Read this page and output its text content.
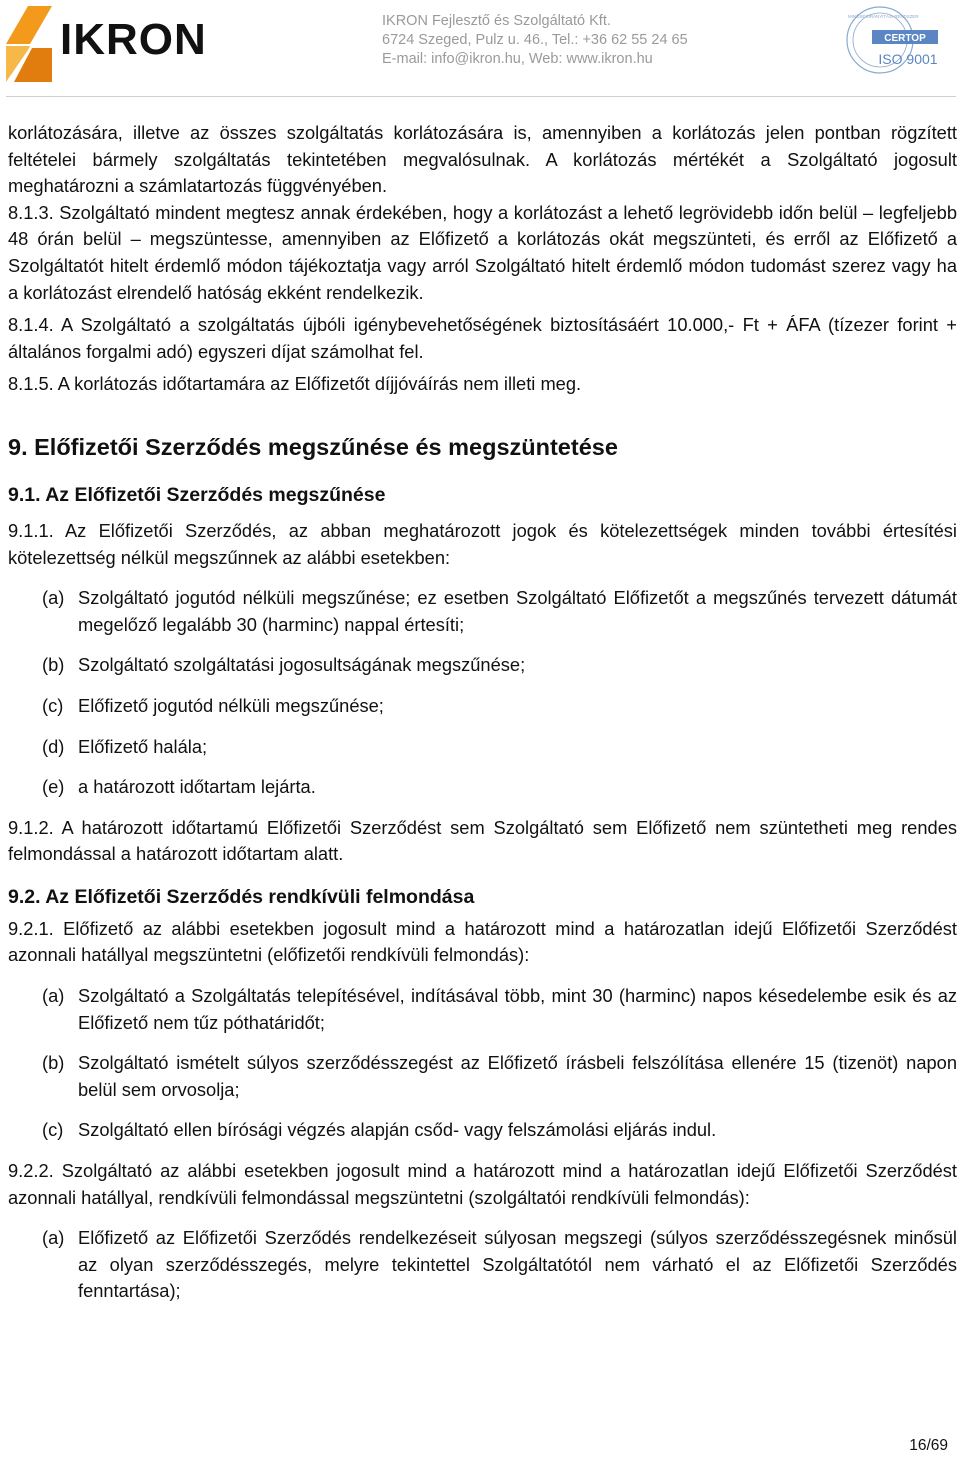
IKRON	IKRON Fejlesztő és Szolgáltató Kft.
6724 Szeged, Pulz u. 46., Tel.: +36 62 55 24 65
E-mail: info@ikron.hu, Web: www.ikron.hu
CERTOP
ISO 9001
MINŐSÉGIRÁNYÍTÁSI RENDSZER

korlátozására, illetve az összes szolgáltatás korlátozására is, amennyiben a korlátozás jelen pontban rögzített feltételei bármely szolgáltatás tekintetében megvalósulnak. A korlátozás mértékét a Szolgáltató jogosult meghatározni a számlatartozás függvényében.

8.1.3. Szolgáltató mindent megtesz annak érdekében, hogy a korlátozást a lehető legrövidebb időn belül – legfeljebb 48 órán belül – megszüntesse, amennyiben az Előfizető a korlátozás okát megszünteti, és erről az Előfizető a Szolgáltatót hitelt érdemlő módon tájékoztatja vagy arról Szolgáltató hitelt érdemlő módon tudomást szerez vagy ha a korlátozást elrendelő hatóság ekként rendelkezik.

8.1.4. A Szolgáltató a szolgáltatás újbóli igénybevehetőségének biztosításáért 10.000,- Ft + ÁFA (tízezer forint + általános forgalmi adó) egyszeri díjat számolhat fel.

8.1.5. A korlátozás időtartamára az Előfizetőt díjjóváírás nem illeti meg.

9. Előfizetői Szerződés megszűnése és megszüntetése
9.1. Az Előfizetői Szerződés megszűnése

9.1.1. Az Előfizetői Szerződés, az abban meghatározott jogok és kötelezettségek minden további értesítési kötelezettség nélkül megszűnnek az alábbi esetekben:

(a) Szolgáltató jogutód nélküli megszűnése; ez esetben Szolgáltató Előfizetőt a megszűnés tervezett dátumát megelőző legalább 30 (harminc) nappal értesíti;
(b) Szolgáltató szolgáltatási jogosultságának megszűnése;
(c) Előfizető jogutód nélküli megszűnése;
(d) Előfizető halála;
(e) a határozott időtartam lejárta.

9.1.2. A határozott időtartamú Előfizetői Szerződést sem Szolgáltató sem Előfizető nem szüntetheti meg rendes felmondással a határozott időtartam alatt.

9.2. Az Előfizetői Szerződés rendkívüli felmondása

9.2.1. Előfizető az alábbi esetekben jogosult mind a határozott mind a határozatlan idejű Előfizetői Szerződést azonnali hatállyal megszüntetni (előfizetői rendkívüli felmondás):

(a) Szolgáltató a Szolgáltatás telepítésével, indításával több, mint 30 (harminc) napos késedelembe esik és az Előfizető nem tűz póthatáridőt;
(b) Szolgáltató ismételt súlyos szerződésszegést az Előfizető írásbeli felszólítása ellenére 15 (tizenöt) napon belül sem orvosolja;
(c) Szolgáltató ellen bírósági végzés alapján csőd- vagy felszámolási eljárás indul.

9.2.2. Szolgáltató az alábbi esetekben jogosult mind a határozott mind a határozatlan idejű Előfizetői Szerződést azonnali hatállyal, rendkívüli felmondással megszüntetni (szolgáltatói rendkívüli felmondás):

(a) Előfizető az Előfizetői Szerződés rendelkezéseit súlyosan megszegi (súlyos szerződésszegésnek minősül az olyan szerződésszegés, melyre tekintettel Szolgáltatótól nem várható el az Előfizetői Szerződés fenntartása);
16/69
